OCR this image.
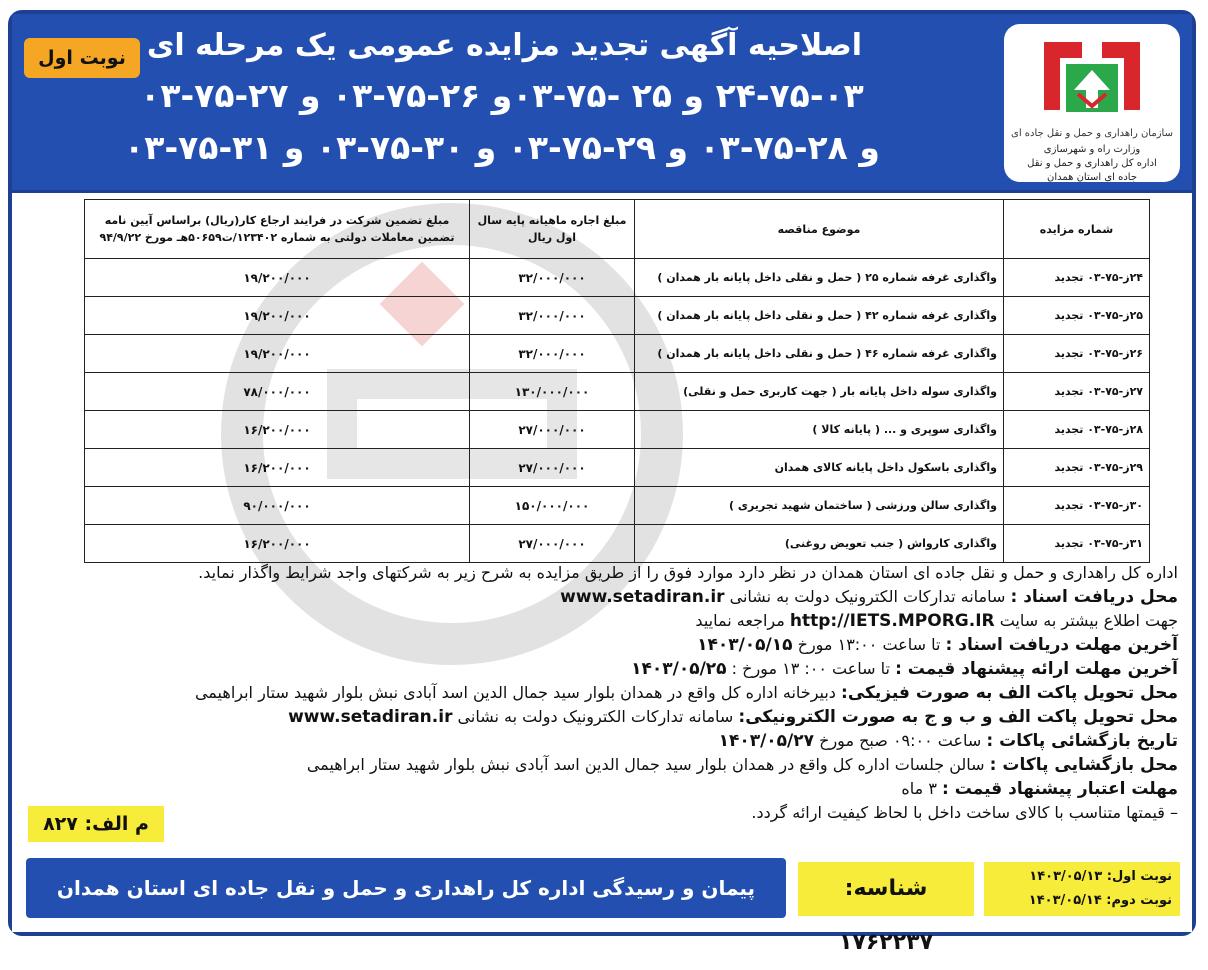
اصلاحیه آگهی تجدید مزایده عمومی یک مرحله ای
۲۴-۷۵-۰۳ و ۲۵ -۷۵-۰۳و ۲۶-۷۵-۰۳ و ۲۷-۷۵-۰۳
و ۲۸-۷۵-۰۳ و ۲۹-۷۵-۰۳ و ۳۰-۷۵-۰۳ و ۳۱-۷۵-۰۳
نوبت اول
سازمان راهداری و حمل و نقل جاده ای
وزارت راه و شهرسازی
اداره کل راهداری و حمل و نقل
جاده ای استان همدان
شماره مزایده	موضوع مناقصه	مبلغ اجاره ماهیانه پایه سال اول ریال	مبلغ تضمین شرکت در فرایند ارجاع کار(ریال) براساس آیین نامه تضمین معاملات دولتی به شماره ۱۲۳۴۰۲/ت۵۰۶۵۹هـ مورخ ۹۴/۹/۲۲
۲۴ز-۷۵-۰۳ تجدید	واگذاری غرفه شماره ۲۵ ( حمل و نقلی داخل پایانه بار همدان )	۳۲/۰۰۰/۰۰۰	۱۹/۲۰۰/۰۰۰
۲۵ز-۷۵-۰۳ تجدید	واگذاری غرفه شماره ۴۲ ( حمل و نقلی داخل پایانه بار همدان )	۳۲/۰۰۰/۰۰۰	۱۹/۲۰۰/۰۰۰
۲۶ز-۷۵-۰۳ تجدید	واگذاری غرفه شماره ۴۶ ( حمل و نقلی داخل پایانه بار همدان )	۳۲/۰۰۰/۰۰۰	۱۹/۲۰۰/۰۰۰
۲۷ز-۷۵-۰۳ تجدید	واگذاری سوله داخل پایانه بار ( جهت کاربری حمل و نقلی)	۱۳۰/۰۰۰/۰۰۰	۷۸/۰۰۰/۰۰۰
۲۸ز-۷۵-۰۳ تجدید	واگذاری سوپری و ... ( پایانه کالا )	۲۷/۰۰۰/۰۰۰	۱۶/۲۰۰/۰۰۰
۲۹ز-۷۵-۰۳ تجدید	واگذاری باسکول داخل پایانه کالای همدان	۲۷/۰۰۰/۰۰۰	۱۶/۲۰۰/۰۰۰
۳۰ز-۷۵-۰۳ تجدید	واگذاری سالن ورزشی ( ساختمان شهید تجریری )	۱۵۰/۰۰۰/۰۰۰	۹۰/۰۰۰/۰۰۰
۳۱ز-۷۵-۰۳ تجدید	واگذاری کارواش ( جنب تعویض روغنی)	۲۷/۰۰۰/۰۰۰	۱۶/۲۰۰/۰۰۰
اداره کل راهداری و حمل و نقل جاده ای استان همدان در نظر دارد موارد فوق را از طریق مزایده به شرح زیر به شرکتهای واجد شرایط واگذار نماید.
محل دریافت اسناد : سامانه تدارکات الکترونیک دولت به نشانی www.setadiran.ir
جهت اطلاع بیشتر به سایت http://IETS.MPORG.IR مراجعه نمایید
آخرین مهلت دریافت اسناد : تا ساعت ۱۳:۰۰ مورخ ۱۴۰۳/۰۵/۱۵
آخرین مهلت ارائه پیشنهاد قیمت : تا ساعت ۰۰: ۱۳ مورخ : ۱۴۰۳/۰۵/۲۵
محل تحویل پاکت الف به صورت فیزیکی: دبیرخانه اداره کل واقع در همدان بلوار سید جمال الدین اسد آبادی نبش بلوار شهید ستار ابراهیمی
محل تحویل پاکت الف و ب و ج به صورت الکترونیکی: سامانه تدارکات الکترونیک دولت به نشانی www.setadiran.ir
تاریخ بازگشائی پاکات : ساعت ۰۹:۰۰ صبح مورخ ۱۴۰۳/۰۵/۲۷
محل بازگشایی پاکات : سالن جلسات اداره کل واقع در همدان بلوار سید جمال الدین اسد آبادی نبش بلوار شهید ستار ابراهیمی
مهلت اعتبار پیشنهاد قیمت : ۳ ماه
– قیمتها متناسب با کالای ساخت داخل با لحاظ کیفیت ارائه گردد.
م الف: ۸۲۷
پیمان و رسیدگی اداره کل راهداری و حمل و نقل جاده ای استان همدان	شناسه: ۱۷۶۲۲۳۷
نوبت اول: ۱۴۰۳/۰۵/۱۳
نوبت دوم: ۱۴۰۳/۰۵/۱۴
